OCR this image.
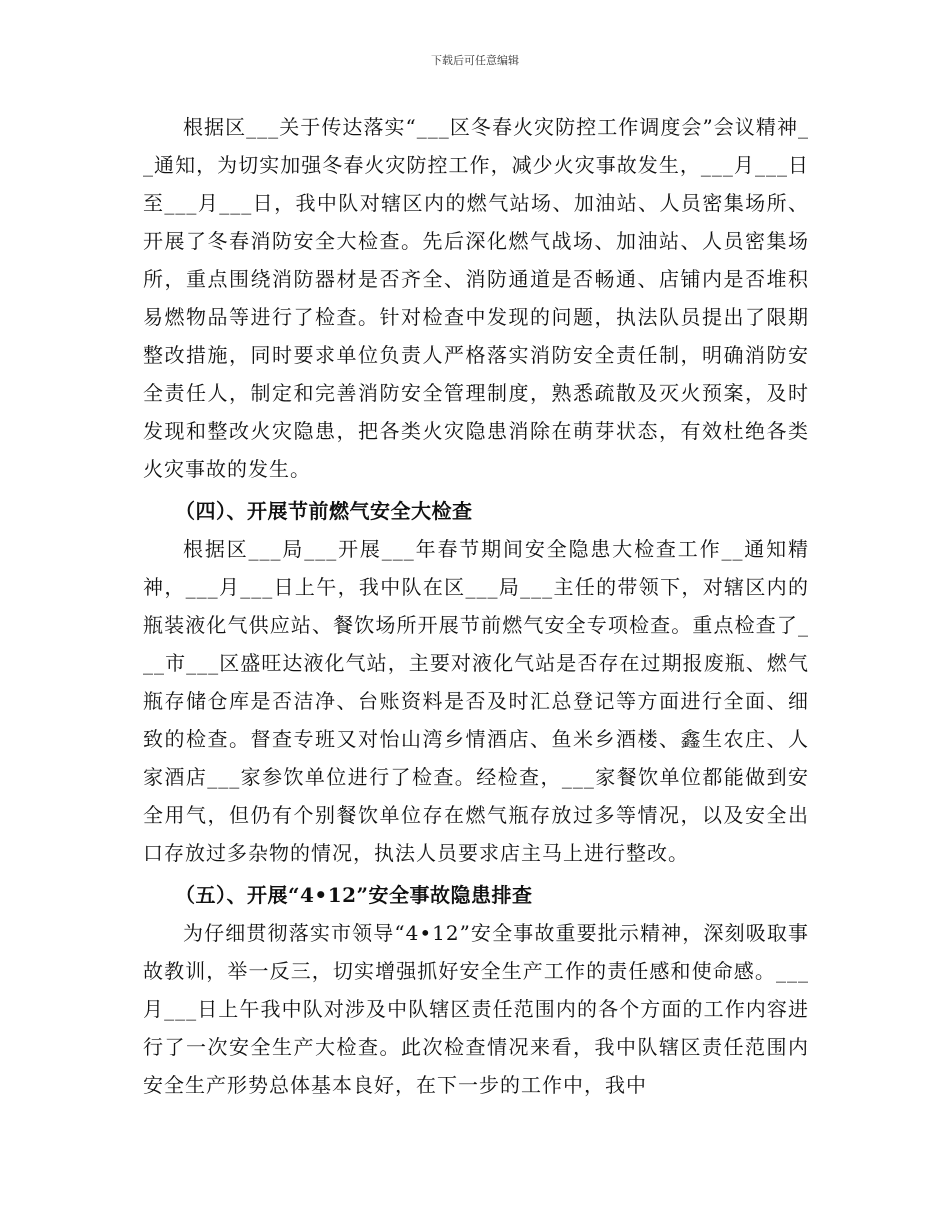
下载后可任意编辑

根据区___关于传达落实“___区冬春火灾防控工作调度会”会议精神__通知，为切实加强冬春火灾防控工作，减少火灾事故发生，___月___日至___月___日，我中队对辖区内的燃气站场、加油站、人员密集场所、开展了冬春消防安全大检查。先后深化燃气战场、加油站、人员密集场所，重点围绕消防器材是否齐全、消防通道是否畅通、店铺内是否堆积易燃物品等进行了检查。针对检查中发现的问题，执法队员提出了限期整改措施，同时要求单位负责人严格落实消防安全责任制，明确消防安全责任人，制定和完善消防安全管理制度，熟悉疏散及灭火预案，及时发现和整改火灾隐患，把各类火灾隐患消除在萌芽状态，有效杜绝各类火灾事故的发生。

（四）、开展节前燃气安全大检查

根据区___局___开展___年春节期间安全隐患大检查工作__通知精神，___月___日上午，我中队在区___局___主任的带领下，对辖区内的瓶装液化气供应站、餐饮场所开展节前燃气安全专项检查。重点检查了___市___区盛旺达液化气站，主要对液化气站是否存在过期报废瓶、燃气瓶存储仓库是否洁净、台账资料是否及时汇总登记等方面进行全面、细致的检查。督查专班又对怡山湾乡情酒店、鱼米乡酒楼、鑫生农庄、人家酒店___家参饮单位进行了检查。经检查，___家餐饮单位都能做到安全用气，但仍有个别餐饮单位存在燃气瓶存放过多等情况，以及安全出口存放过多杂物的情况，执法人员要求店主马上进行整改。

（五）、开展“4•12”安全事故隐患排查

为仔细贯彻落实市领导“4•12”安全事故重要批示精神，深刻吸取事故教训，举一反三，切实增强抓好安全生产工作的责任感和使命感。___月___日上午我中队对涉及中队辖区责任范围内的各个方面的工作内容进行了一次安全生产大检查。此次检查情况来看，我中队辖区责任范围内安全生产形势总体基本良好，在下一步的工作中，我中
